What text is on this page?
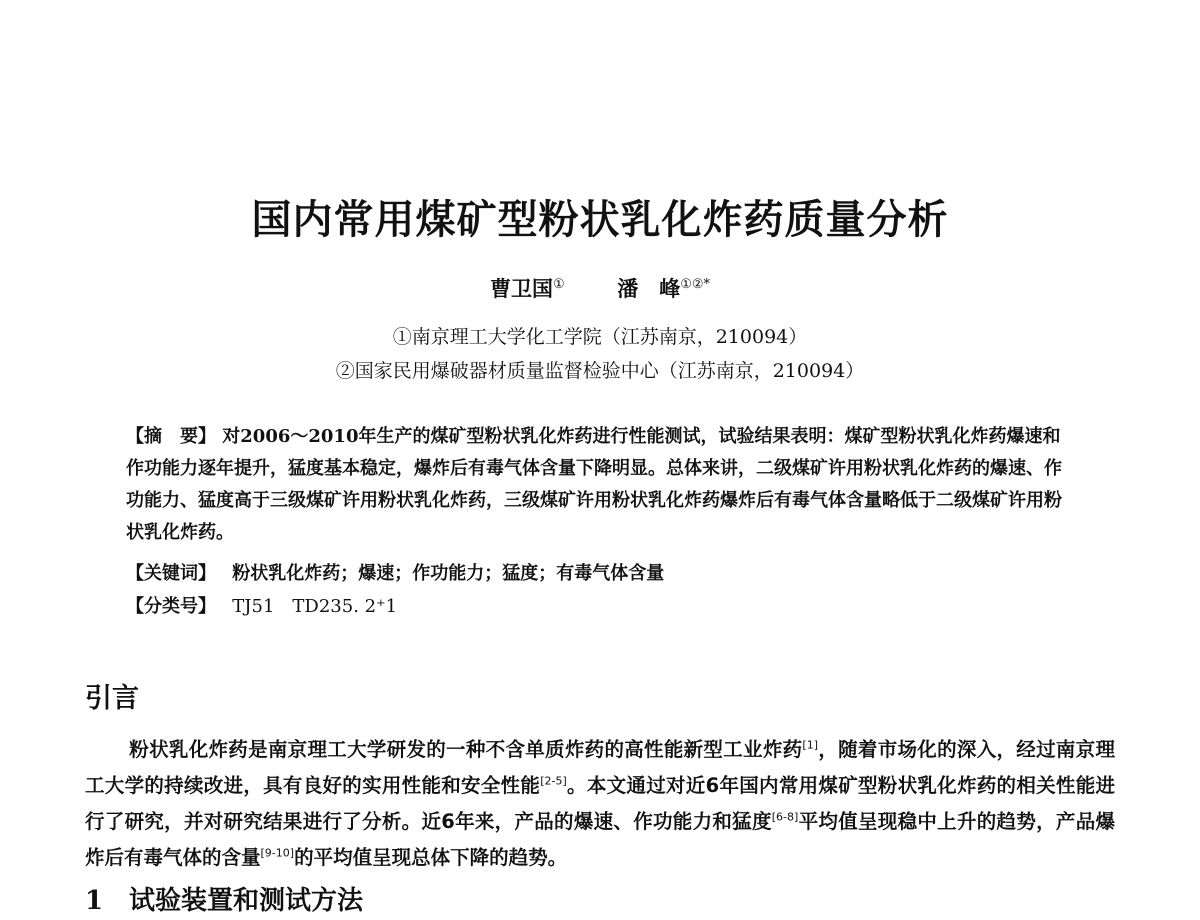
国内常用煤矿型粉状乳化炸药质量分析
曹卫国①	潘　峰①②*
①南京理工大学化工学院（江苏南京，210094）
②国家民用爆破器材质量监督检验中心（江苏南京，210094）
【摘　要】 对2006～2010年生产的煤矿型粉状乳化炸药进行性能测试，试验结果表明：煤矿型粉状乳化炸药爆速和作功能力逐年提升，猛度基本稳定，爆炸后有毒气体含量下降明显。总体来讲，二级煤矿许用粉状乳化炸药的爆速、作功能力、猛度高于三级煤矿许用粉状乳化炸药，三级煤矿许用粉状乳化炸药爆炸后有毒气体含量略低于二级煤矿许用粉状乳化炸药。
【关键词】 粉状乳化炸药；爆速；作功能力；猛度；有毒气体含量
【分类号】 TJ51　TD235. 2⁺1
引言
粉状乳化炸药是南京理工大学研发的一种不含单质炸药的高性能新型工业炸药[1]，随着市场化的深入，经过南京理工大学的持续改进，具有良好的实用性能和安全性能[2-5]。本文通过对近6年国内常用煤矿型粉状乳化炸药的相关性能进行了研究，并对研究结果进行了分析。近6年来，产品的爆速、作功能力和猛度[6-8]平均值呈现稳中上升的趋势，产品爆炸后有毒气体的含量[9-10]的平均值呈现总体下降的趋势。
1 试验装置和测试方法
